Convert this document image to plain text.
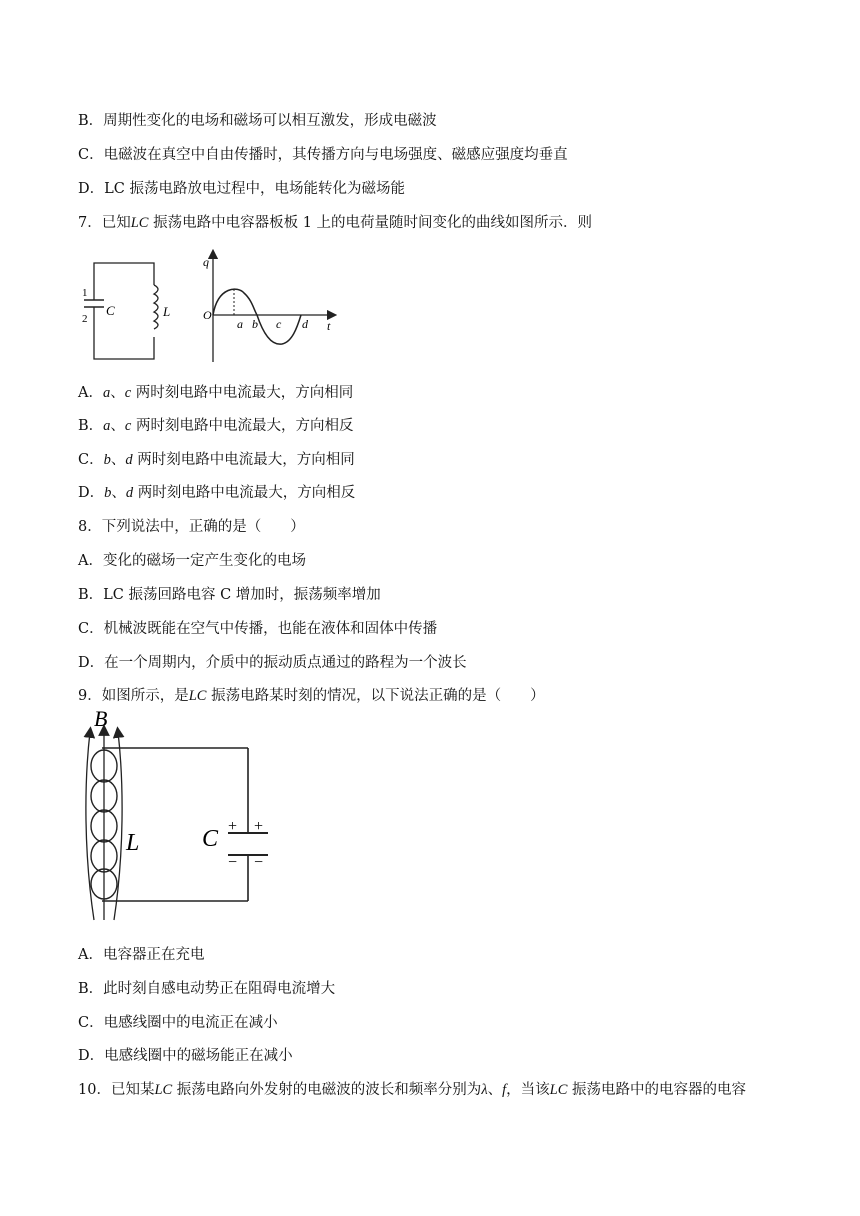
B．周期性变化的电场和磁场可以相互激发，形成电磁波
C．电磁波在真空中自由传播时，其传播方向与电场强度、磁感应强度均垂直
D．LC 振荡电路放电过程中，电场能转化为磁场能
7．已知LC 振荡电路中电容器板板 1 上的电荷量随时间变化的曲线如图所示．则
1
2
C	L
q
t
O
a b c d
A．a、c 两时刻电路中电流最大，方向相同
B．a、c 两时刻电路中电流最大，方向相反
C．b、d 两时刻电路中电流最大，方向相同
D．b、d 两时刻电路中电流最大，方向相反
8．下列说法中，正确的是（　　）
A．变化的磁场一定产生变化的电场
B．LC 振荡回路电容 C 增加时，振荡频率增加
C．机械波既能在空气中传播，也能在液体和固体中传播
D．在一个周期内，介质中的振动质点通过的路程为一个波长
9．如图所示，是LC 振荡电路某时刻的情况，以下说法正确的是（　　）
B
L	C + +
− −
A．电容器正在充电
B．此时刻自感电动势正在阻碍电流增大
C．电感线圈中的电流正在减小
D．电感线圈中的磁场能正在减小
10．已知某LC 振荡电路向外发射的电磁波的波长和频率分别为λ、f，当该LC 振荡电路中的电容器的电容
